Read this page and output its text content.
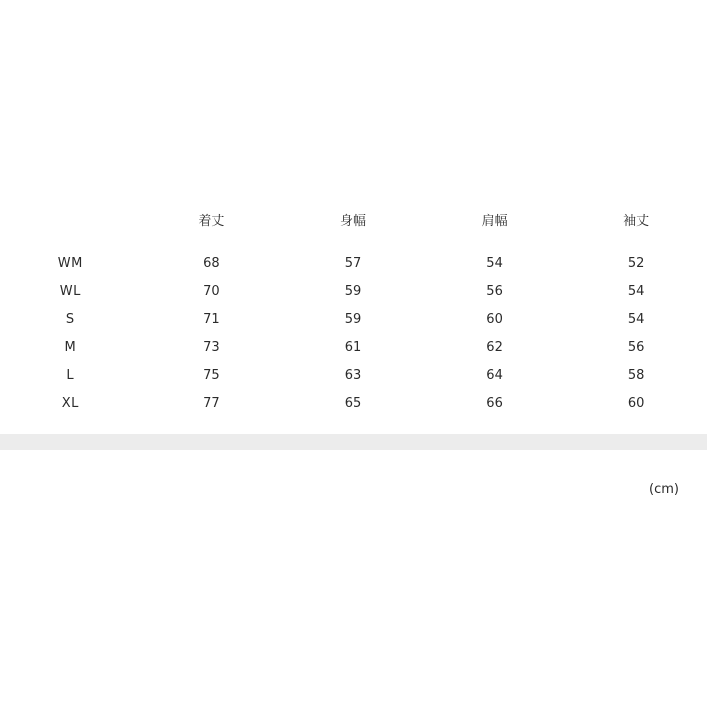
	着丈	身幅	肩幅	袖丈
WM	68	57	54	52
WL	70	59	56	54
S	71	59	60	54
M	73	61	62	56
L	75	63	64	58
XL	77	65	66	60
(cm)
